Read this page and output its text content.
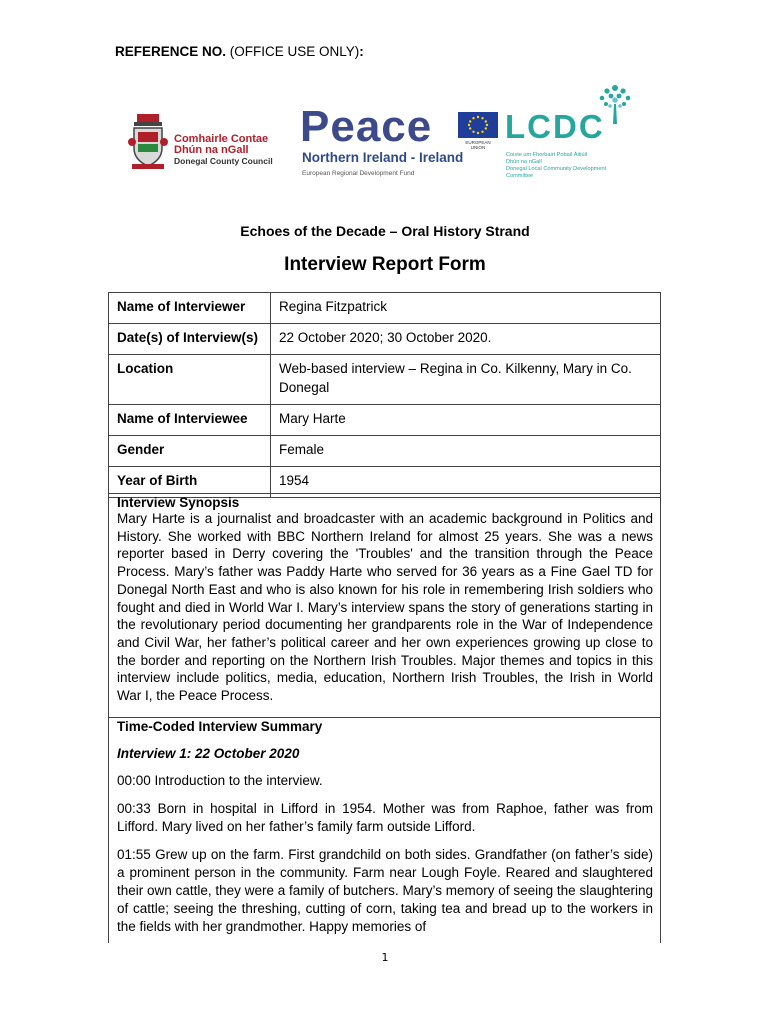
REFERENCE NO. (OFFICE USE ONLY):
Comhairle Contae
Dhún na nGall
Donegal County Council
Peace
Northern Ireland - Ireland
European Regional Development Fund
EUROPEAN UNION
LCDC
Coiste um Fhorbairt Pobail Áitiúil
Dhún na nGall
Donegal Local Community Development
Committee
Echoes of the Decade – Oral History Strand
Interview Report Form
Name of Interviewer	Regina Fitzpatrick
Date(s) of Interview(s)	22 October 2020; 30 October 2020.
Location	Web-based interview – Regina in Co. Kilkenny, Mary in Co. Donegal
Name of Interviewee	Mary Harte
Gender	Female
Year of Birth	1954
Interview Synopsis
Mary Harte is a journalist and broadcaster with an academic background in Politics and History. She worked with BBC Northern Ireland for almost 25 years. She was a news reporter based in Derry covering the 'Troubles' and the transition through the Peace Process. Mary’s father was Paddy Harte who served for 36 years as a Fine Gael TD for Donegal North East and who is also known for his role in remembering Irish soldiers who fought and died in World War I. Mary’s interview spans the story of generations starting in the revolutionary period documenting her grandparents role in the War of Independence and Civil War, her father’s political career and her own experiences growing up close to the border and reporting on the Northern Irish Troubles. Major themes and topics in this interview include politics, media, education, Northern Irish Troubles, the Irish in World War I, the Peace Process.
Time-Coded Interview Summary
Interview 1: 22 October 2020
00:00 Introduction to the interview.
00:33 Born in hospital in Lifford in 1954. Mother was from Raphoe, father was from Lifford. Mary lived on her father’s family farm outside Lifford.
01:55 Grew up on the farm. First grandchild on both sides. Grandfather (on father’s side) a prominent person in the community. Farm near Lough Foyle. Reared and slaughtered their own cattle, they were a family of butchers. Mary’s memory of seeing the slaughtering of cattle; seeing the threshing, cutting of corn, taking tea and bread up to the workers in the fields with her grandmother. Happy memories of
1
